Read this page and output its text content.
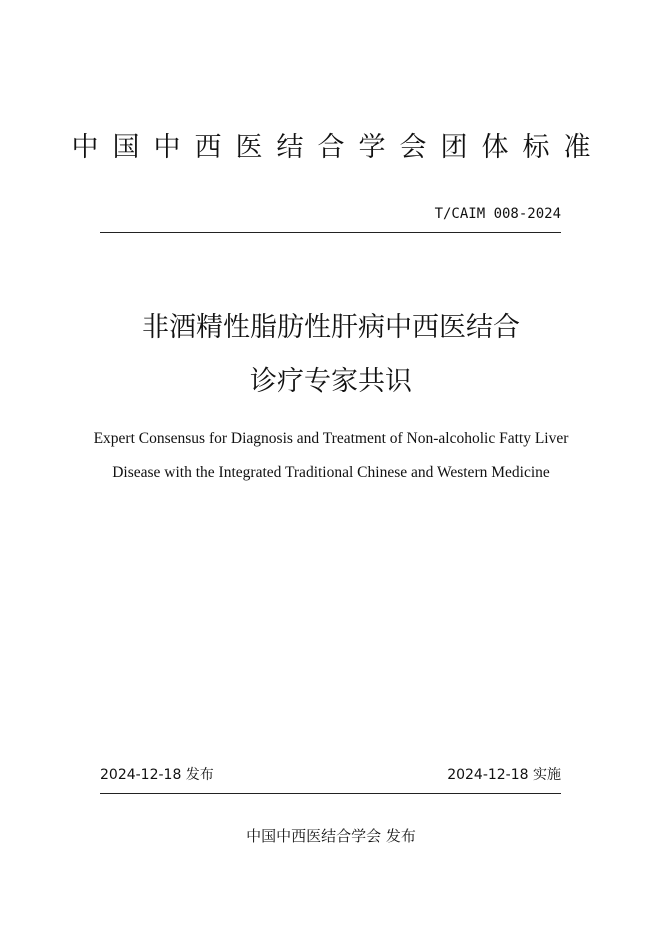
中国中西医结合学会团体标准
T/CAIM 008-2024
非酒精性脂肪性肝病中西医结合
诊疗专家共识
Expert Consensus for Diagnosis and Treatment of Non-alcoholic Fatty Liver
Disease with the Integrated Traditional Chinese and Western Medicine
2024-12-18 发布	2024-12-18 实施
中国中西医结合学会 发布
